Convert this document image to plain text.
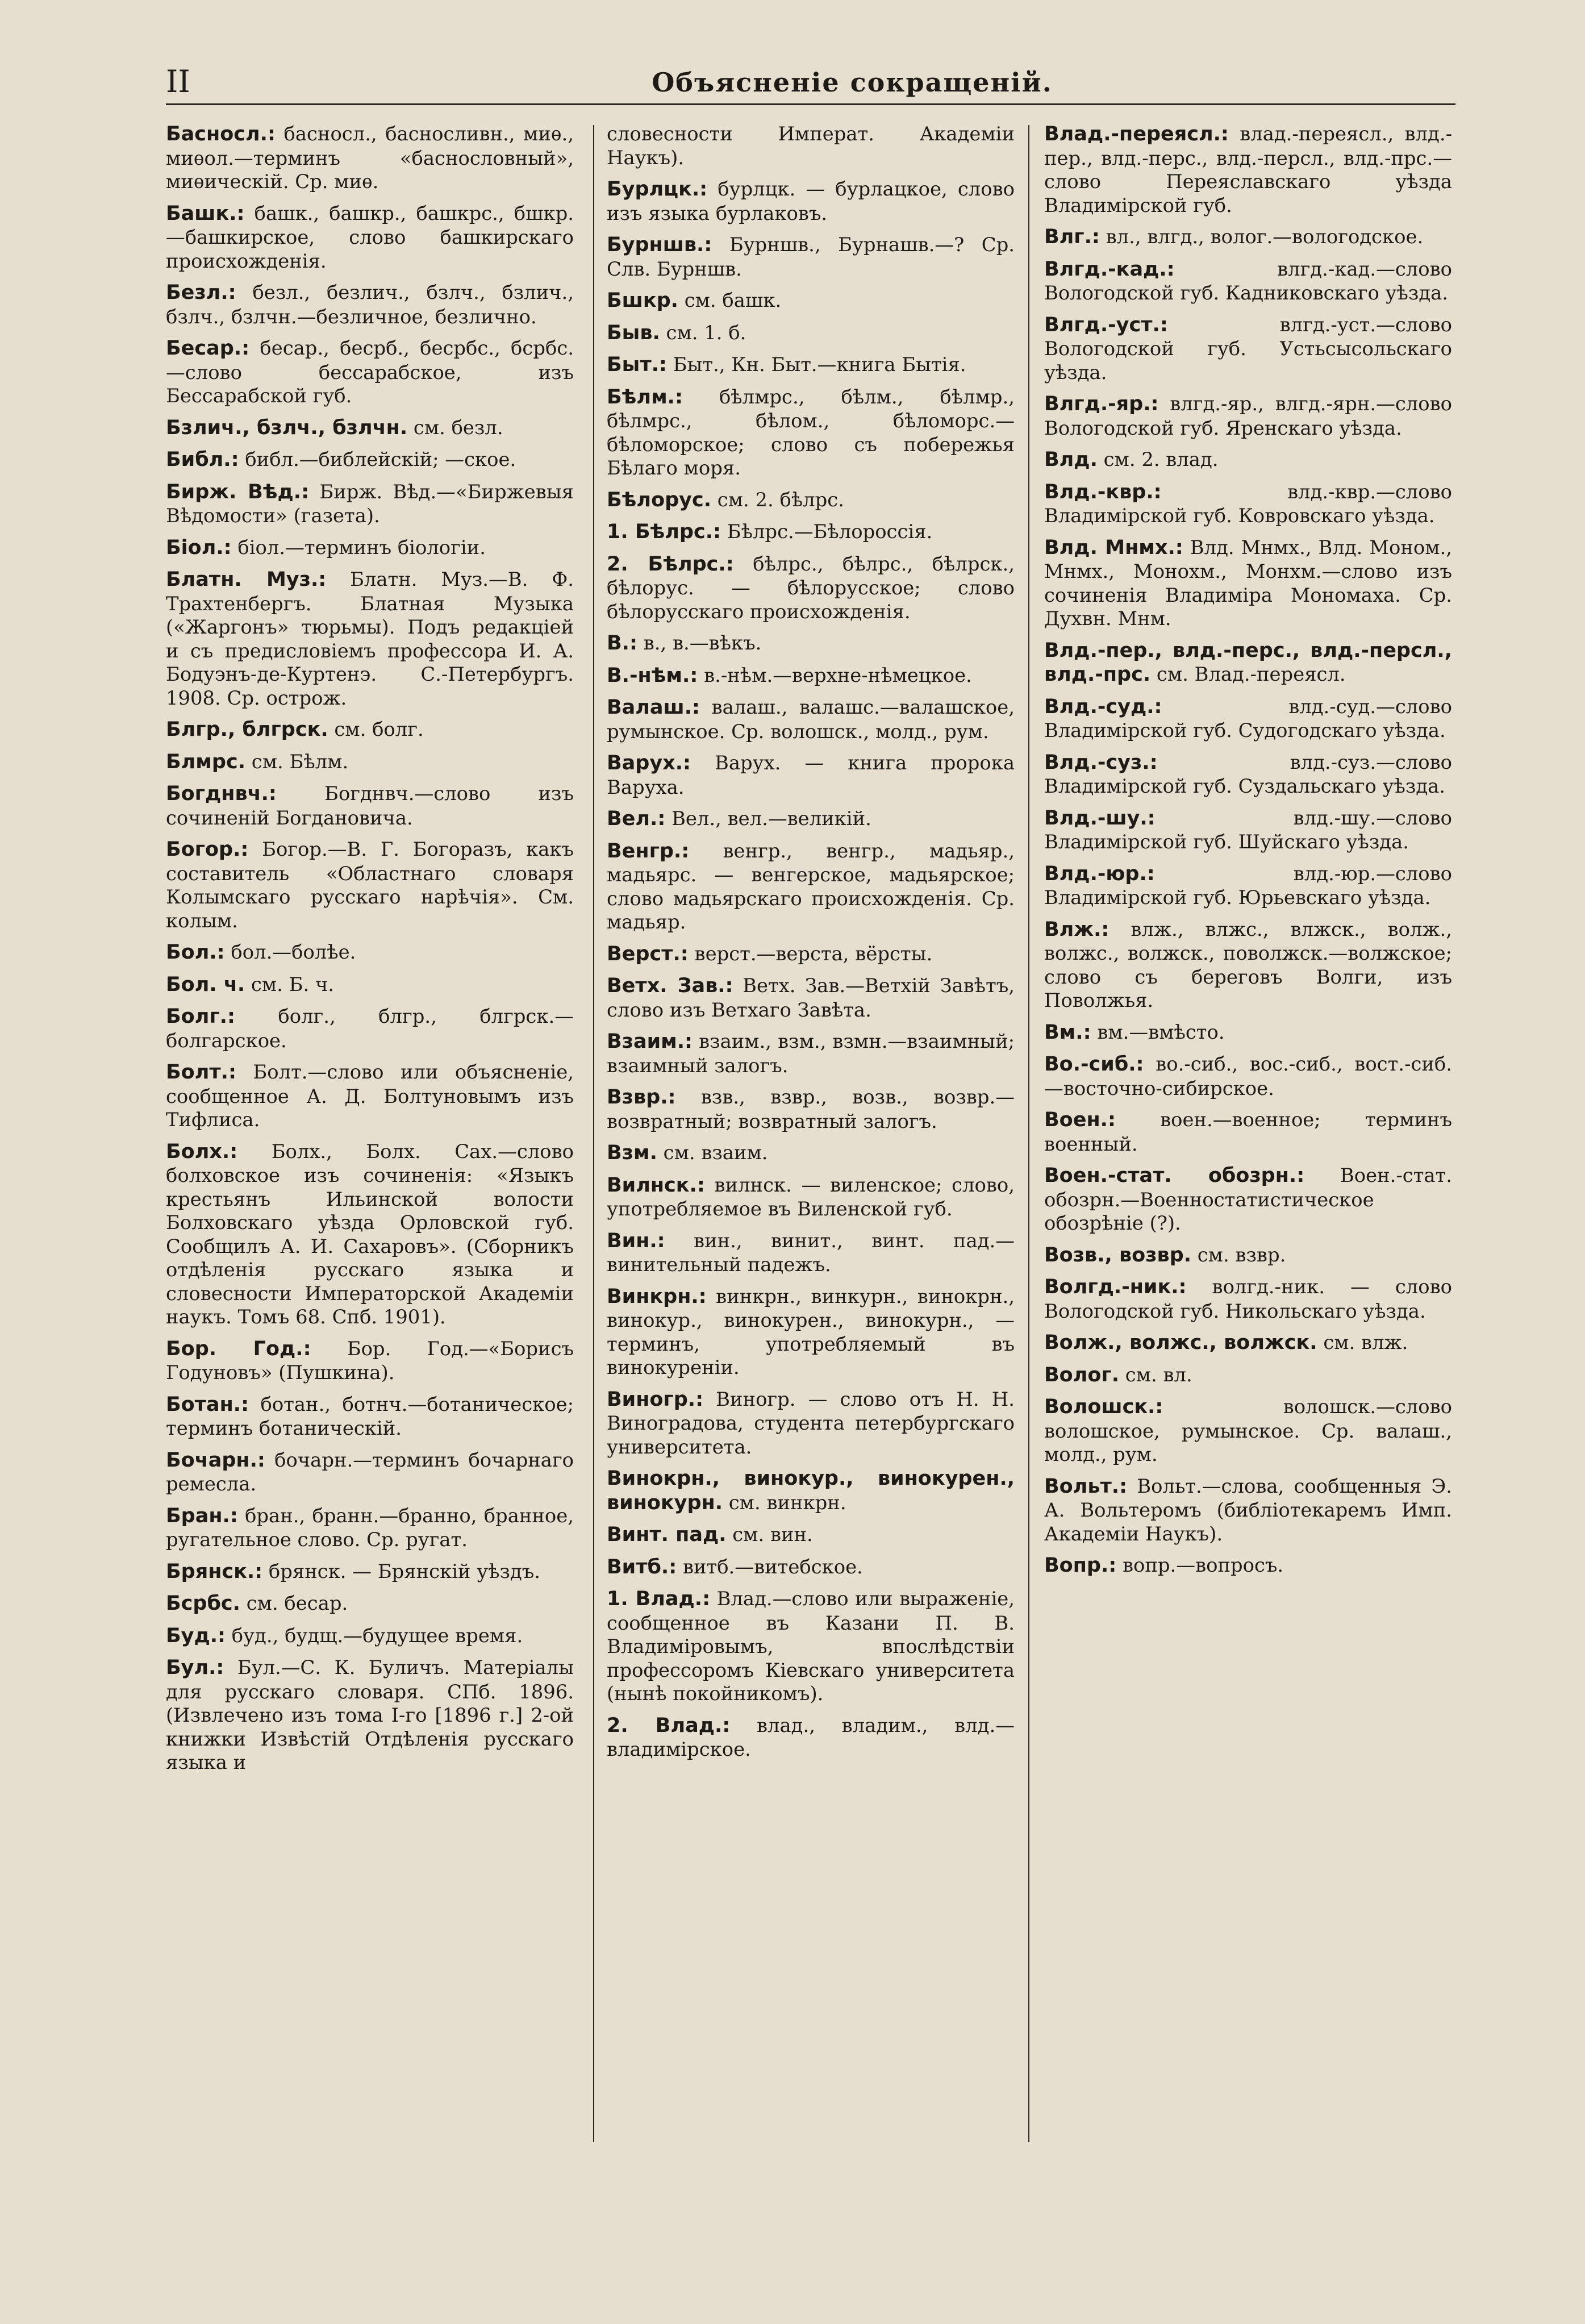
II	Объясненіе сокращеній.

Басносл.: басносл., басносливн., миѳ., миѳол.—терминъ «баснословный», миѳическій. Ср. миѳ.

Башк.: башк., башкр., башкрс., бшкр.—башкирское, слово башкирскаго происхожденія.

Безл.: безл., безлич., бзлч., бзлич., бзлч., бзлчн.—безличное, безлично.

Бесар.: бесар., бесрб., бесрбс., бсрбс.—слово бессарабское, изъ Бессарабской губ.

Бзлич., бзлч., бзлчн. см. безл.

Библ.: библ.—библейскій; —ское.

Бирж. Вѣд.: Бирж. Вѣд.—«Биржевыя Вѣдомости» (газета).

Біол.: біол.—терминъ біологіи.

Блатн. Муз.: Блатн. Муз.—В. Ф. Трахтенбергъ. Блатная Музыка («Жаргонъ» тюрьмы). Подъ редакціей и съ предисловіемъ профессора И. А. Бодуэнъ-де-Куртенэ. С.-Петербургъ. 1908. Ср. острож.

Блгр., блгрск. см. болг.

Блмрс. см. Бѣлм.

Богднвч.: Богднвч.—слово изъ сочиненій Богдановича.

Богор.: Богор.—В. Г. Богоразъ, какъ составитель «Областнаго словаря Колымскаго русскаго нарѣчія». См. колым.

Бол.: бол.—болѣе.

Бол. ч. см. Б. ч.

Болг.: болг., блгр., блгрск.—болгарское.

Болт.: Болт.—слово или объясненіе, сообщенное А. Д. Болтуновымъ изъ Тифлиса.

Болх.: Болх., Болх. Сах.—слово болховское изъ сочиненія: «Языкъ крестьянъ Ильинской волости Болховскаго уѣзда Орловской губ. Сообщилъ А. И. Сахаровъ». (Сборникъ отдѣленія русскаго языка и словесности Императорской Академіи наукъ. Томъ 68. Спб. 1901).

Бор. Год.: Бор. Год.—«Борисъ Годуновъ» (Пушкина).

Ботан.: ботан., ботнч.—ботаническое; терминъ ботаническій.

Бочарн.: бочарн.—терминъ бочарнаго ремесла.

Бран.: бран., бранн.—бранно, бранное, ругательное слово. Ср. ругат.

Брянск.: брянск. — Брянскій уѣздъ.

Бсрбс. см. бесар.

Буд.: буд., будщ.—будущее время.

Бул.: Бул.—С. К. Буличъ. Матеріалы для русскаго словаря. СПб. 1896. (Извлечено изъ тома I-го [1896 г.] 2-ой книжки Извѣстій Отдѣленія русскаго языка и

словесности Императ. Академіи Наукъ).

Бурлцк.: бурлцк. — бурлацкое, слово изъ языка бурлаковъ.

Бурншв.: Бурншв., Бурнашв.—? Ср. Слв. Бурншв.

Бшкр. см. башк.

Быв. см. 1. б.

Быт.: Быт., Кн. Быт.—книга Бытія.

Бѣлм.: бѣлмрс., бѣлм., бѣлмр., бѣлмрс., бѣлом., бѣломорс.—бѣломорское; слово съ побережья Бѣлаго моря.

Бѣлорус. см. 2. бѣлрс.

1. Бѣлрс.: Бѣлрс.—Бѣлороссія.

2. Бѣлрс.: бѣлрс., бѣлрс., бѣлрск., бѣлорус. — бѣлорусское; слово бѣлорусскаго происхожденія.

В.: в., в.—вѣкъ.

В.-нѣм.: в.-нѣм.—верхне-нѣмецкое.

Валаш.: валаш., валашс.—валашское, румынское. Ср. волошск., молд., рум.

Варух.: Варух. — книга пророка Варуха.

Вел.: Вел., вел.—великій.

Венгр.: венгр., венгр., мадьяр., мадьярс. — венгерское, мадьярское; слово мадьярскаго происхожденія. Ср. мадьяр.

Верст.: верст.—верста, вёрсты.

Ветх. Зав.: Ветх. Зав.—Ветхій Завѣтъ, слово изъ Ветхаго Завѣта.

Взаим.: взаим., взм., взмн.—взаимный; взаимный залогъ.

Взвр.: взв., взвр., возв., возвр.—возвратный; возвратный залогъ.

Взм. см. взаим.

Вилнск.: вилнск. — виленское; слово, употребляемое въ Виленской губ.

Вин.: вин., винит., винт. пад.—винительный падежъ.

Винкрн.: винкрн., винкурн., винокрн., винокур., винокурен., винокурн., — терминъ, употребляемый въ винокуреніи.

Виногр.: Виногр. — слово отъ Н. Н. Виноградова, студента петербургскаго университета.

Винокрн., винокур., винокурен., винокурн. см. винкрн.

Винт. пад. см. вин.

Витб.: витб.—витебское.

1. Влад.: Влад.—слово или выраженіе, сообщенное въ Казани П. В. Владиміровымъ, впослѣдствіи профессоромъ Кіевскаго университета (нынѣ покойникомъ).

2. Влад.: влад., владим., влд.—владимірское.

Влад.-переясл.: влад.-переясл., влд.-пер., влд.-перс., влд.-персл., влд.-прс.—слово Переяславскаго уѣзда Владимірской губ.

Влг.: вл., влгд., волог.—вологодское.

Влгд.-кад.: влгд.-кад.—слово Вологодской губ. Кадниковскаго уѣзда.

Влгд.-уст.: влгд.-уст.—слово Вологодской губ. Устьсысольскаго уѣзда.

Влгд.-яр.: влгд.-яр., влгд.-ярн.—слово Вологодской губ. Яренскаго уѣзда.

Влд. см. 2. влад.

Влд.-квр.: влд.-квр.—слово Владимірской губ. Ковровскаго уѣзда.

Влд. Мнмх.: Влд. Мнмх., Влд. Моном., Мнмх., Монохм., Монхм.—слово изъ сочиненія Владиміра Мономаха. Ср. Духвн. Мнм.

Влд.-пер., влд.-перс., влд.-персл., влд.-прс. см. Влад.-переясл.

Влд.-суд.: влд.-суд.—слово Владимірской губ. Судогодскаго уѣзда.

Влд.-суз.: влд.-суз.—слово Владимірской губ. Суздальскаго уѣзда.

Влд.-шу.: влд.-шу.—слово Владимірской губ. Шуйскаго уѣзда.

Влд.-юр.: влд.-юр.—слово Владимірской губ. Юрьевскаго уѣзда.

Влж.: влж., влжс., влжск., волж., волжс., волжск., поволжск.—волжское; слово съ береговъ Волги, изъ Поволжья.

Вм.: вм.—вмѣсто.

Во.-сиб.: во.-сиб., вос.-сиб., вост.-сиб.—восточно-сибирское.

Воен.: воен.—военное; терминъ военный.

Воен.-стат. обозрн.: Воен.-стат. обозрн.—Военностатистическое обозрѣніе (?).

Возв., возвр. см. взвр.

Волгд.-ник.: волгд.-ник. — слово Вологодской губ. Никольскаго уѣзда.

Волж., волжс., волжск. см. влж.

Волог. см. вл.

Волошск.: волошск.—слово волошское, румынское. Ср. валаш., молд., рум.

Вольт.: Вольт.—слова, сообщенныя Э. А. Вольтеромъ (библіотекаремъ Имп. Академіи Наукъ).

Вопр.: вопр.—вопросъ.
